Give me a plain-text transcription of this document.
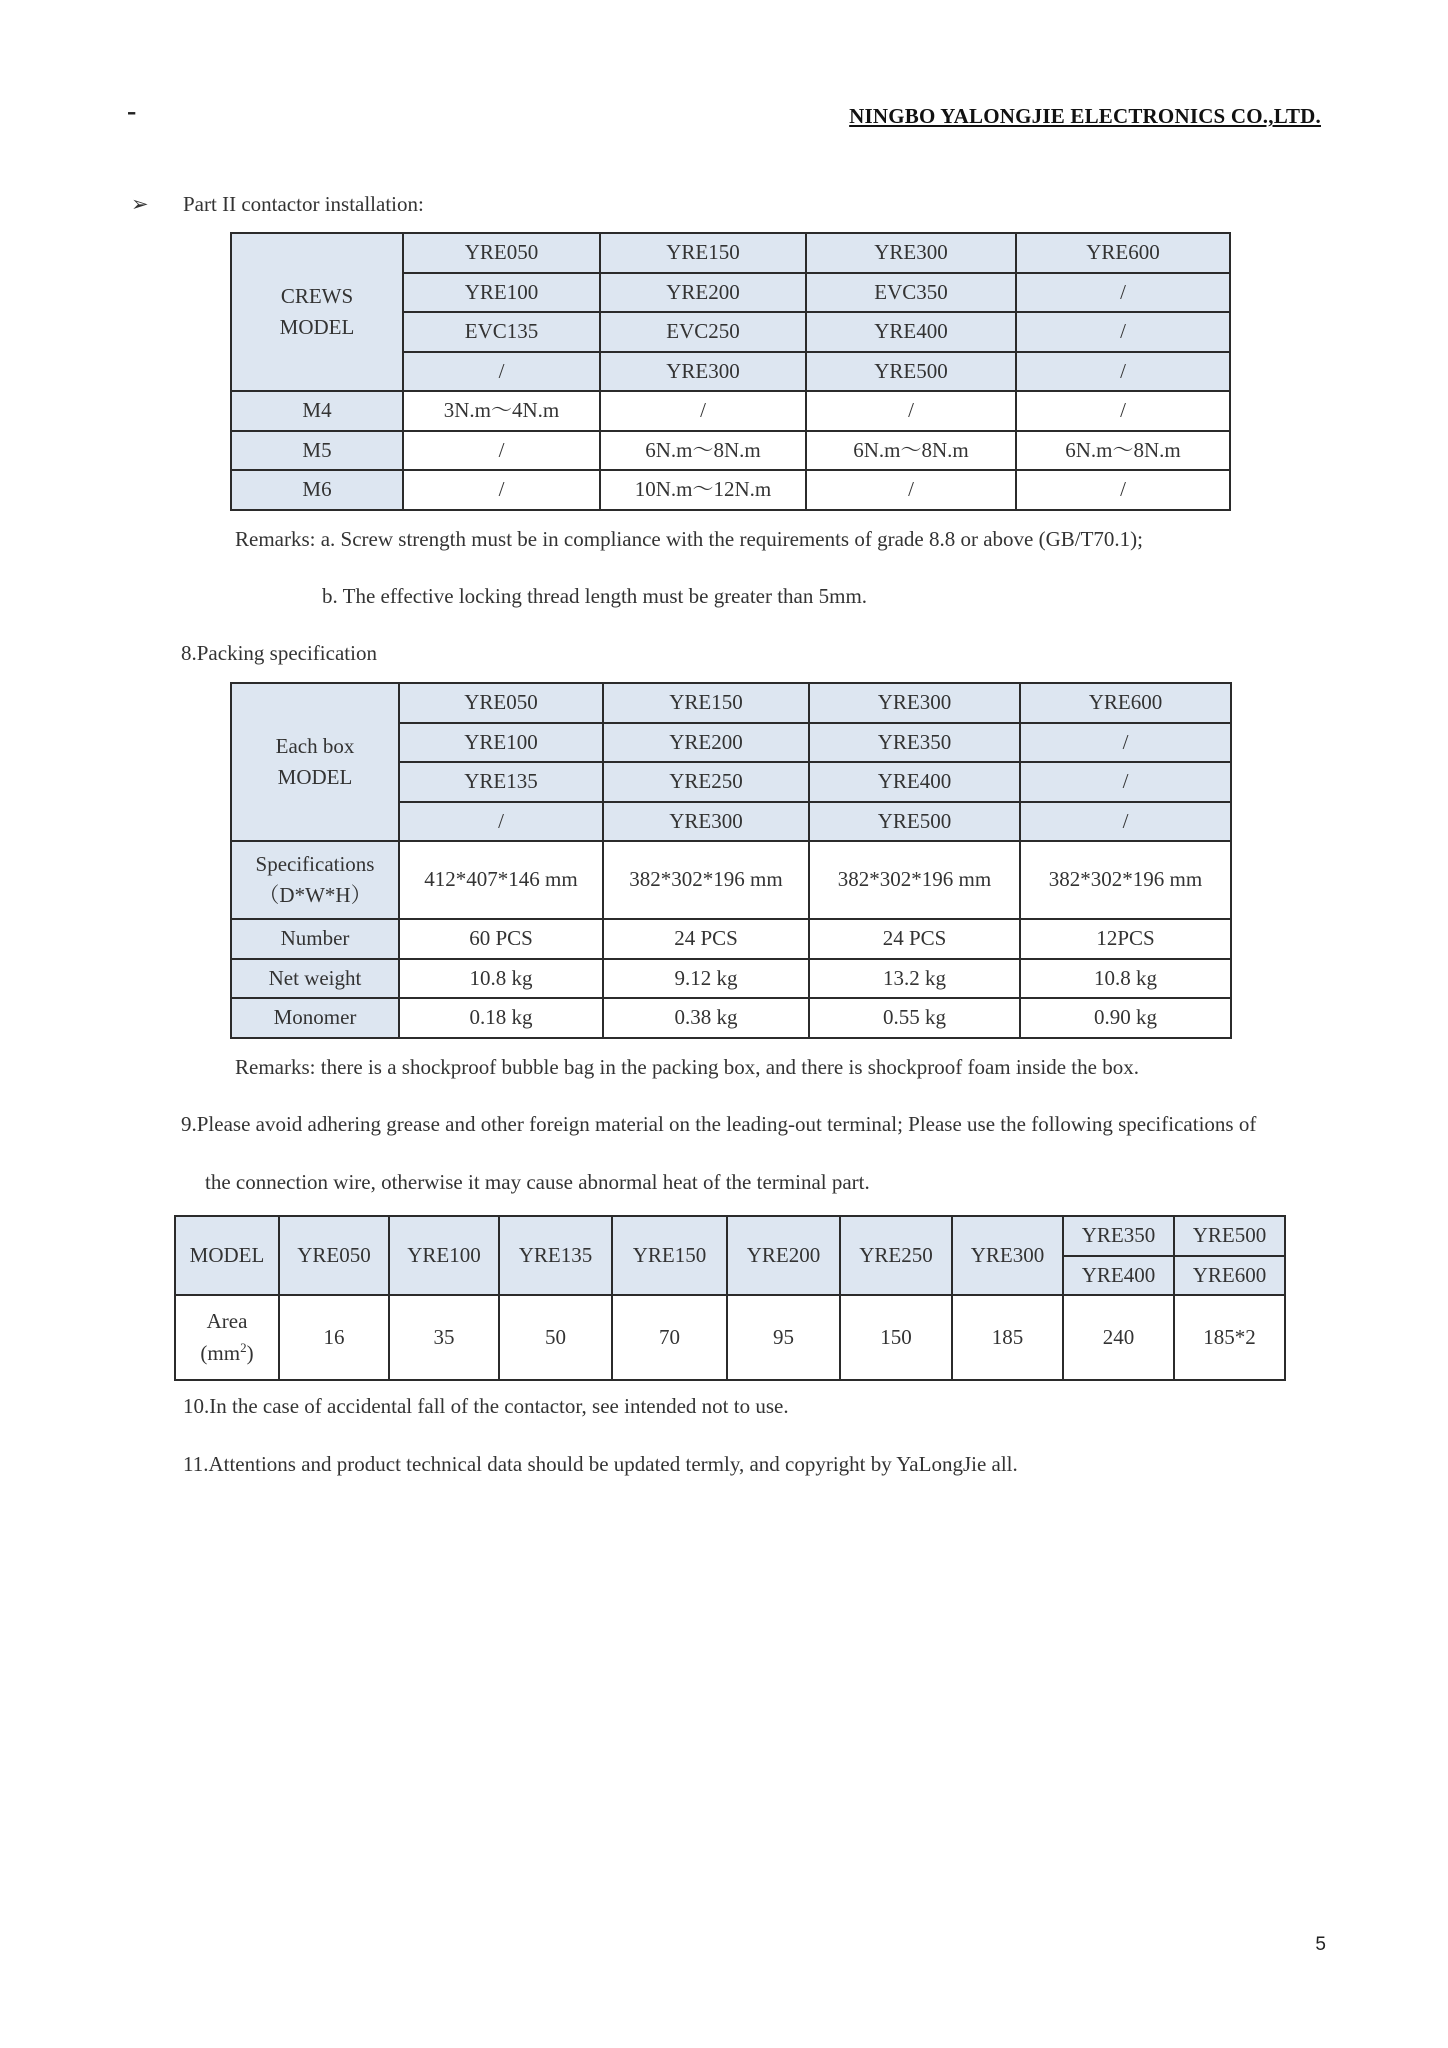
-	NINGBO YALONGJIE ELECTRONICS CO.,LTD.
➢ Part II contactor installation:
CREWS
MODEL	YRE050	YRE150	YRE300	YRE600
	YRE100	YRE200	EVC350	/
	EVC135	EVC250	YRE400	/
	/	YRE300	YRE500	/
M4	3N.m～4N.m	/	/	/
M5	/	6N.m～8N.m	6N.m～8N.m	6N.m～8N.m
M6	/	10N.m～12N.m	/	/
Remarks: a. Screw strength must be in compliance with the requirements of grade 8.8 or above (GB/T70.1);
b. The effective locking thread length must be greater than 5mm.
8.Packing specification
Each box
MODEL	YRE050	YRE150	YRE300	YRE600
	YRE100	YRE200	YRE350	/
	YRE135	YRE250	YRE400	/
	/	YRE300	YRE500	/
Specifications
（D*W*H）	412*407*146 mm	382*302*196 mm	382*302*196 mm	382*302*196 mm
Number	60 PCS	24 PCS	24 PCS	12PCS
Net weight	10.8 kg	9.12 kg	13.2 kg	10.8 kg
Monomer	0.18 kg	0.38 kg	0.55 kg	0.90 kg
Remarks: there is a shockproof bubble bag in the packing box, and there is shockproof foam inside the box.
9.Please avoid adhering grease and other foreign material on the leading-out terminal; Please use the following specifications of
the connection wire, otherwise it may cause abnormal heat of the terminal part.
MODEL	YRE050	YRE100	YRE135	YRE150	YRE200	YRE250	YRE300	YRE350	YRE500
								YRE400	YRE600
Area
$(mm^2)$	16	35	50	70	95	150	185	240	185*2
10.In the case of accidental fall of the contactor, see intended not to use.
11.Attentions and product technical data should be updated termly, and copyright by YaLongJie all.
5
